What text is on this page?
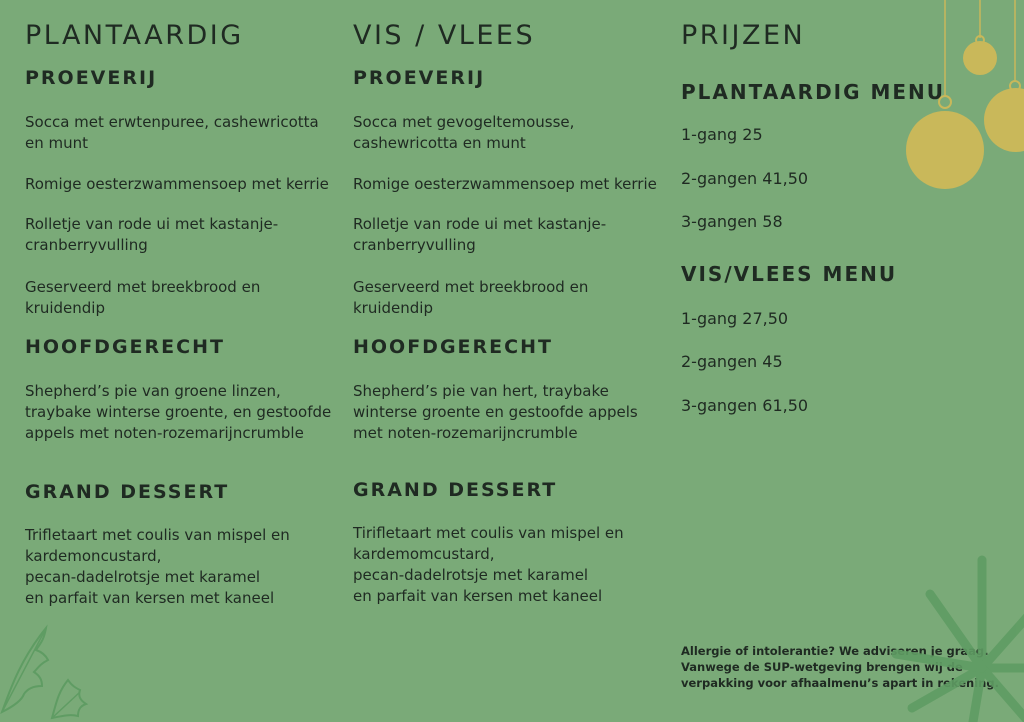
PLANTAARDIG
PROEVERIJ
Socca met erwtenpuree, cashewricotta
en munt
Romige oesterzwammensoep met kerrie
Rolletje van rode ui met kastanje-
cranberryvulling
Geserveerd met breekbrood en
kruidendip
HOOFDGERECHT
Shepherd’s pie van groene linzen,
traybake winterse groente, en gestoofde
appels met noten-rozemarijncrumble
GRAND DESSERT
Trifletaart met coulis van mispel en
kardemoncustard,
pecan-dadelrotsje met karamel
en parfait van kersen met kaneel
VIS / VLEES
PROEVERIJ
Socca met gevogeltemousse,
cashewricotta en munt
Romige oesterzwammensoep met kerrie
Rolletje van rode ui met kastanje-
cranberryvulling
Geserveerd met breekbrood en
kruidendip
HOOFDGERECHT
Shepherd’s pie van hert, traybake
winterse groente en gestoofde appels
met noten-rozemarijncrumble
GRAND DESSERT
Tirifletaart met coulis van mispel en
kardemomcustard,
pecan-dadelrotsje met karamel
en parfait van kersen met kaneel
PRIJZEN
PLANTAARDIG MENU
1-gang 25
2-gangen 41,50
3-gangen 58
VIS/VLEES MENU
1-gang 27,50
2-gangen 45
3-gangen 61,50
Allergie of intolerantie? We adviseren je graag.
Vanwege de SUP-wetgeving brengen wij de
verpakking voor afhaalmenu’s apart in rekening.
